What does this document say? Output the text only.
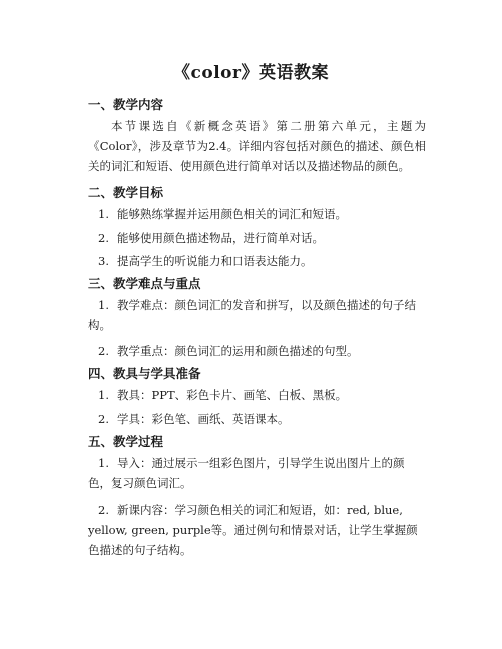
《color》英语教案
一、教学内容

本节课选自《新概念英语》第二册第六单元，主题为《Color》，涉及章节为2.4。详细内容包括对颜色的描述、颜色相关的词汇和短语、使用颜色进行简单对话以及描述物品的颜色。

二、教学目标

1. 能够熟练掌握并运用颜色相关的词汇和短语。

2. 能够使用颜色描述物品，进行简单对话。

3. 提高学生的听说能力和口语表达能力。

三、教学难点与重点

1. 教学难点：颜色词汇的发音和拼写，以及颜色描述的句子结构。

2. 教学重点：颜色词汇的运用和颜色描述的句型。

四、教具与学具准备

1. 教具：PPT、彩色卡片、画笔、白板、黑板。

2. 学具：彩色笔、画纸、英语课本。

五、教学过程

1. 导入：通过展示一组彩色图片，引导学生说出图片上的颜色，复习颜色词汇。

2. 新课内容：学习颜色相关的词汇和短语，如：red, blue, yellow, green, purple等。通过例句和情景对话，让学生掌握颜色描述的句子结构。
